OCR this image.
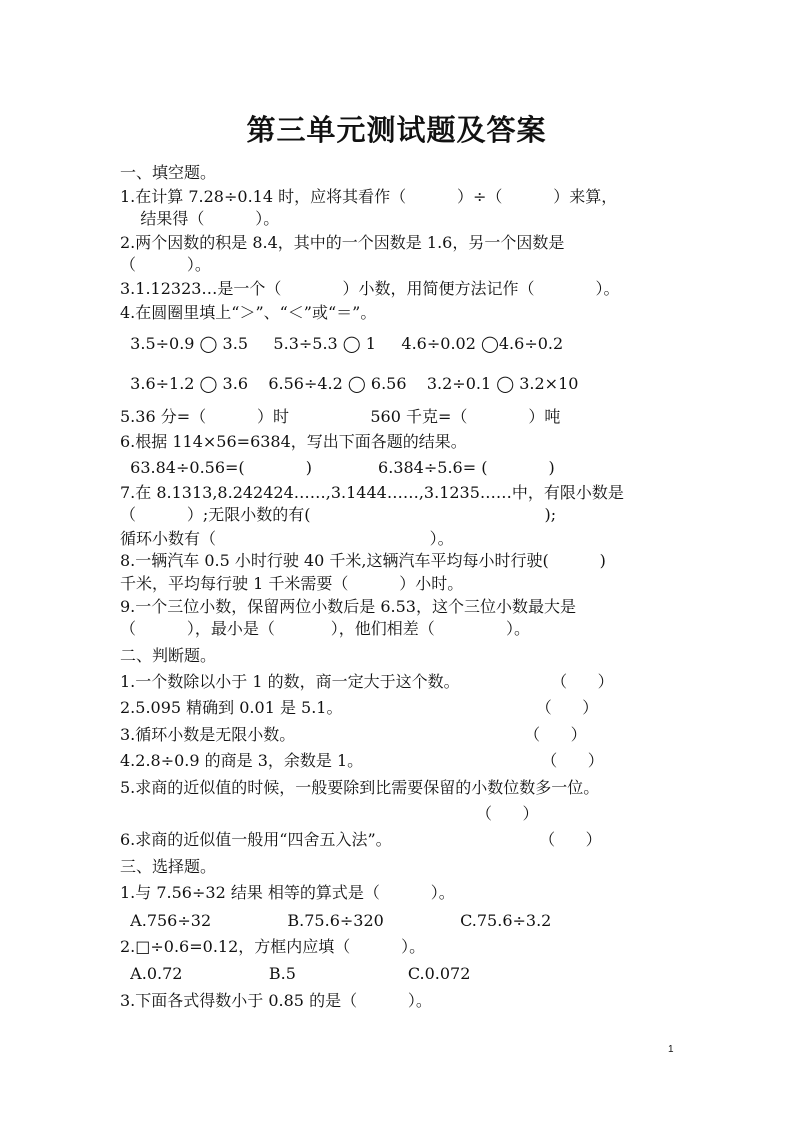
第三单元测试题及答案
一、填空题。
1.在计算 7.28÷0.14 时，应将其看作（          ）÷（          ）来算，
结果得（          ）。
2.两个因数的积是 8.4，其中的一个因数是 1.6，另一个因数是
（          ）。
3.1.12323…是一个（            ）小数，用简便方法记作（            ）。
4.在圆圈里填上“＞”、“＜”或“＝”。
3.5÷0.9 ◯ 3.5     5.3÷5.3 ◯ 1     4.6÷0.02 ◯4.6÷0.2
3.6÷1.2 ◯ 3.6    6.56÷4.2 ◯ 6.56    3.2÷0.1 ◯ 3.2×10
5.36 分=（          ）时                560 千克=（            ）吨
6.根据 114×56=6384，写出下面各题的结果。
63.84÷0.56=(            )             6.384÷5.6= (            )
7.在 8.1313,8.242424……,3.1444……,3.1235……中，有限小数是
（          ）;无限小数的有(                                              );
循环小数有（                                          ）。
8.一辆汽车 0.5 小时行驶 40 千米,这辆汽车平均每小时行驶(          )
千米，平均每行驶 1 千米需要（          ）小时。
9.一个三位小数，保留两位小数后是 6.53，这个三位小数最大是
（          ），最小是（           ），他们相差（              ）。
二、判断题。
1.一个数除以小于 1 的数，商一定大于这个数。                  （      ）
2.5.095 精确到 0.01 是 5.1。                                      （      ）
3.循环小数是无限小数。                                             （      ）
4.2.8÷0.9 的商是 3，余数是 1。                                   （      ）
5.求商的近似值的时候，一般要除到比需要保留的小数位数多一位。
（      ）
6.求商的近似值一般用“四舍五入法”。                             （      ）
三、选择题。
1.与 7.56÷32 结果 相等的算式是（          ）。
A.756÷32               B.75.6÷320               C.75.6÷3.2
2.□÷0.6=0.12，方框内应填（          ）。
A.0.72                 B.5                      C.0.072
3.下面各式得数小于 0.85 的是（          ）。
1
